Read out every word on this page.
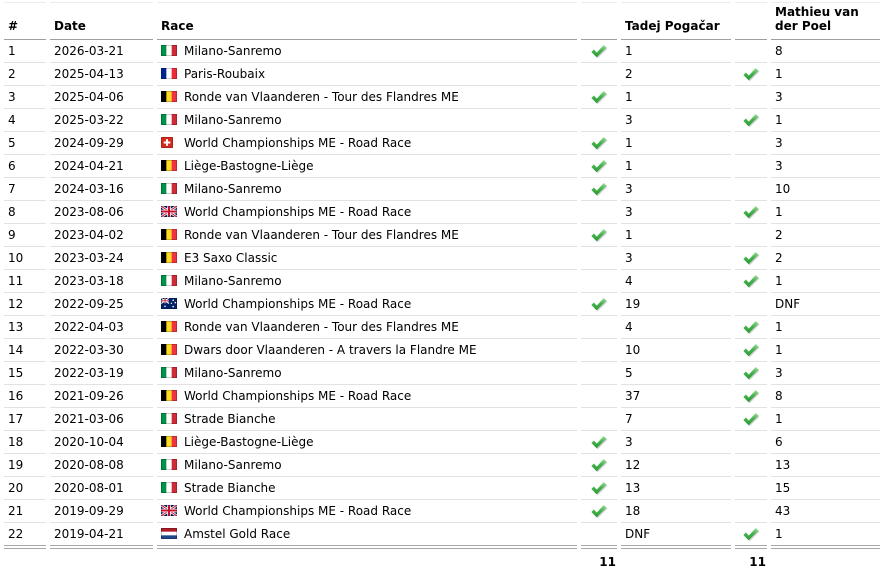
#	Date	Race		Tadej Pogačar		Mathieu van der Poel
1	2026-03-21	Milano-Sanremo		1		8
2	2025-04-13	Paris-Roubaix		2		1
3	2025-04-06	Ronde van Vlaanderen - Tour des Flandres ME		1		3
4	2025-03-22	Milano-Sanremo		3		1
5	2024-09-29	World Championships ME - Road Race		1		3
6	2024-04-21	Liège-Bastogne-Liège		1		3
7	2024-03-16	Milano-Sanremo		3		10
8	2023-08-06	World Championships ME - Road Race		3		1
9	2023-04-02	Ronde van Vlaanderen - Tour des Flandres ME		1		2
10	2023-03-24	E3 Saxo Classic		3		2
11	2023-03-18	Milano-Sanremo		4		1
12	2022-09-25	World Championships ME - Road Race		19		DNF
13	2022-04-03	Ronde van Vlaanderen - Tour des Flandres ME		4		1
14	2022-03-30	Dwars door Vlaanderen - A travers la Flandre ME		10		1
15	2022-03-19	Milano-Sanremo		5		3
16	2021-09-26	World Championships ME - Road Race		37		8
17	2021-03-06	Strade Bianche		7		1
18	2020-10-04	Liège-Bastogne-Liège		3		6
19	2020-08-08	Milano-Sanremo		12		13
20	2020-08-01	Strade Bianche		13		15
21	2019-09-29	World Championships ME - Road Race		18		43
22	2019-04-21	Amstel Gold Race		DNF		1
			11		11	
